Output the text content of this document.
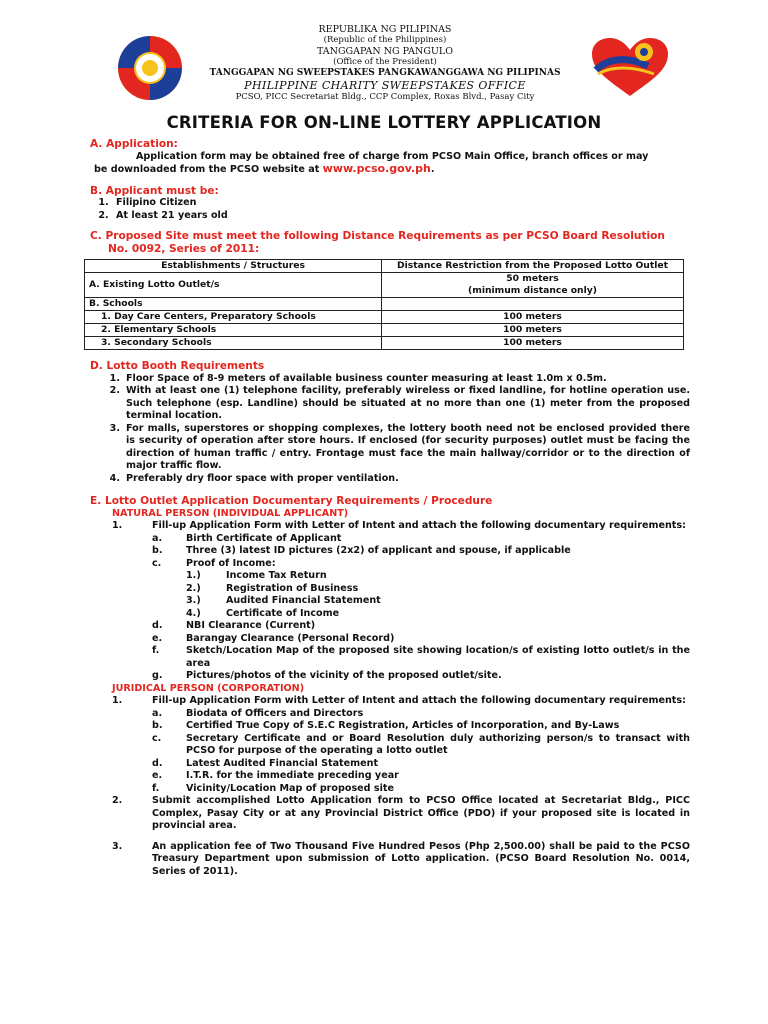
REPUBLIKA NG PILIPINAS
(Republic of the Philippines)
TANGGAPAN NG PANGULO
(Office of the President)
TANGGAPAN NG SWEEPSTAKES PANGKAWANGGAWA NG PILIPINAS
PHILIPPINE CHARITY SWEEPSTAKES OFFICE
PCSO, PICC Secretariat Bldg., CCP Complex, Roxas Blvd., Pasay City
CRITERIA FOR ON-LINE LOTTERY APPLICATION
A. Application:
Application form may be obtained free of charge from PCSO Main Office, branch offices or may
be downloaded from the PCSO website at www.pcso.gov.ph.
B. Applicant must be:
1. Filipino Citizen
2. At least 21 years old
C. Proposed Site must meet the following Distance Requirements as per PCSO Board Resolution
No. 0092, Series of 2011:
Establishments / Structures	Distance Restriction from the Proposed Lotto Outlet
A. Existing Lotto Outlet/s	50 meters
(minimum distance only)

B. Schools	
1. Day Care Centers, Preparatory Schools	100 meters
2. Elementary Schools	100 meters
3. Secondary Schools	100 meters
D. Lotto Booth Requirements
1. Floor Space of 8-9 meters of available business counter measuring at least 1.0m x 0.5m.
2. With at least one (1) telephone facility, preferably wireless or fixed landline, for hotline operation use. Such telephone (esp. Landline) should be situated at no more than one (1) meter from the proposed terminal location.
3. For malls, superstores or shopping complexes, the lottery booth need not be enclosed provided there is security of operation after store hours. If enclosed (for security purposes) outlet must be facing the direction of human traffic / entry. Frontage must face the main hallway/corridor or to the direction of major traffic flow.
4. Preferably dry floor space with proper ventilation.
E. Lotto Outlet Application Documentary Requirements / Procedure
NATURAL PERSON (INDIVIDUAL APPLICANT)
1.	Fill-up Application Form with Letter of Intent and attach the following documentary requirements:
a.	Birth Certificate of Applicant
b.	Three (3) latest ID pictures (2x2) of applicant and spouse, if applicable
c.	Proof of Income:
1.)	Income Tax Return
2.)	Registration of Business
3.)	Audited Financial Statement
4.)	Certificate of Income
d.	NBI Clearance (Current)
e.	Barangay Clearance (Personal Record)
f.	Sketch/Location Map of the proposed site showing location/s of existing lotto outlet/s in the area
g.	Pictures/photos of the vicinity of the proposed outlet/site.
JURIDICAL PERSON (CORPORATION)
1.	Fill-up Application Form with Letter of Intent and attach the following documentary requirements:
a.	Biodata of Officers and Directors
b.	Certified True Copy of S.E.C Registration, Articles of Incorporation, and By-Laws
c.	Secretary Certificate and or Board Resolution duly authorizing person/s to transact with PCSO for purpose of the operating a lotto outlet
d.	Latest Audited Financial Statement
e.	I.T.R. for the immediate preceding year
f.	Vicinity/Location Map of proposed site
2.	Submit accomplished Lotto Application form to PCSO Office located at Secretariat Bldg., PICC Complex, Pasay City or at any Provincial District Office (PDO) if your proposed site is located in provincial area.
3.	An application fee of Two Thousand Five Hundred Pesos (Php 2,500.00) shall be paid to the PCSO Treasury Department upon submission of Lotto application. (PCSO Board Resolution No. 0014, Series of 2011).
